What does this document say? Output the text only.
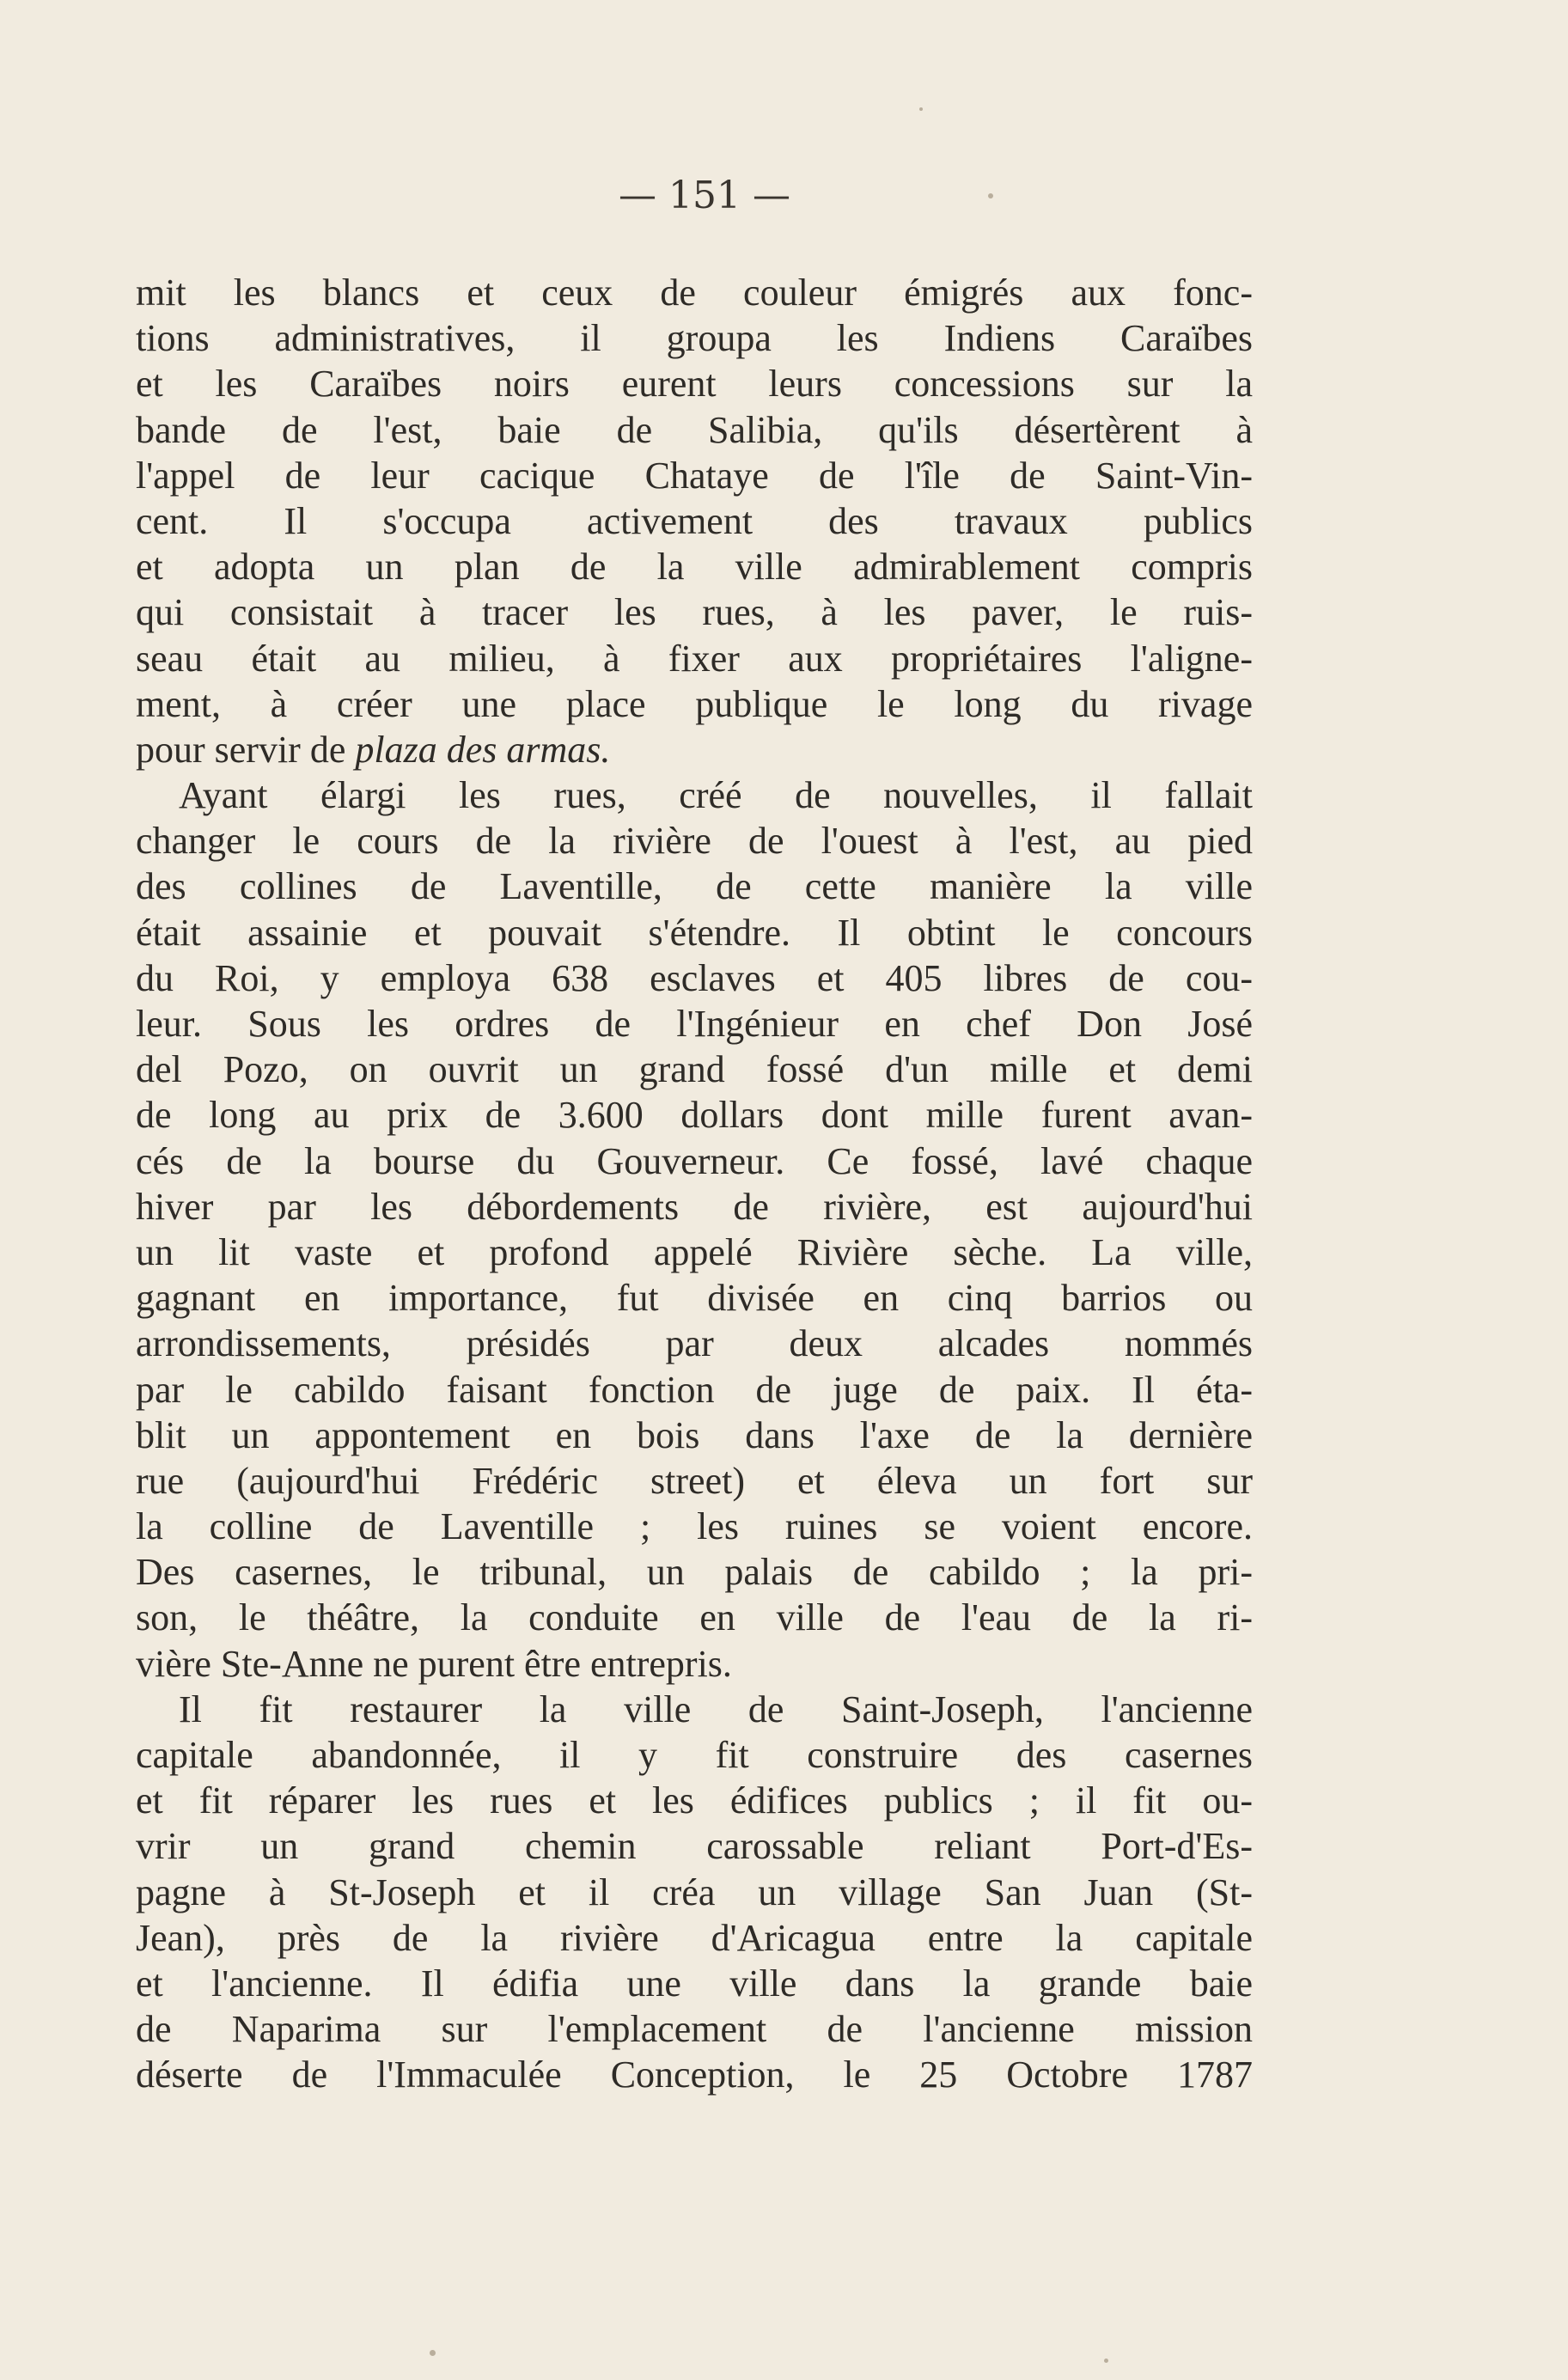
— 151 —
mit les blancs et ceux de couleur émigrés aux fonc-
tions administratives, il groupa les Indiens Caraïbes
et les Caraïbes noirs eurent leurs concessions sur la
bande de l'est, baie de Salibia, qu'ils désertèrent à
l'appel de leur cacique Chataye de l'île de Saint-Vin-
cent. Il s'occupa activement des travaux publics
et adopta un plan de la ville admirablement compris
qui consistait à tracer les rues, à les paver, le ruis-
seau était au milieu, à fixer aux propriétaires l'aligne-
ment, à créer une place publique le long du rivage
pour servir de plaza des armas.
Ayant élargi les rues, créé de nouvelles, il fallait
changer le cours de la rivière de l'ouest à l'est, au pied
des collines de Laventille, de cette manière la ville
était assainie et pouvait s'étendre. Il obtint le concours
du Roi, y employa 638 esclaves et 405 libres de cou-
leur. Sous les ordres de l'Ingénieur en chef Don José
del Pozo, on ouvrit un grand fossé d'un mille et demi
de long au prix de 3.600 dollars dont mille furent avan-
cés de la bourse du Gouverneur. Ce fossé, lavé chaque
hiver par les débordements de rivière, est aujourd'hui
un lit vaste et profond appelé Rivière sèche. La ville,
gagnant en importance, fut divisée en cinq barrios ou
arrondissements, présidés par deux alcades nommés
par le cabildo faisant fonction de juge de paix. Il éta-
blit un appontement en bois dans l'axe de la dernière
rue (aujourd'hui Frédéric street) et éleva un fort sur
la colline de Laventille ; les ruines se voient encore.
Des casernes, le tribunal, un palais de cabildo ; la pri-
son, le théâtre, la conduite en ville de l'eau de la ri-
vière Ste-Anne ne purent être entrepris.
Il fit restaurer la ville de Saint-Joseph, l'ancienne
capitale abandonnée, il y fit construire des casernes
et fit réparer les rues et les édifices publics ; il fit ou-
vrir un grand chemin carossable reliant Port-d'Es-
pagne à St-Joseph et il créa un village San Juan (St-
Jean), près de la rivière d'Aricagua entre la capitale
et l'ancienne. Il édifia une ville dans la grande baie
de Naparima sur l'emplacement de l'ancienne mission
déserte de l'Immaculée Conception, le 25 Octobre 1787
